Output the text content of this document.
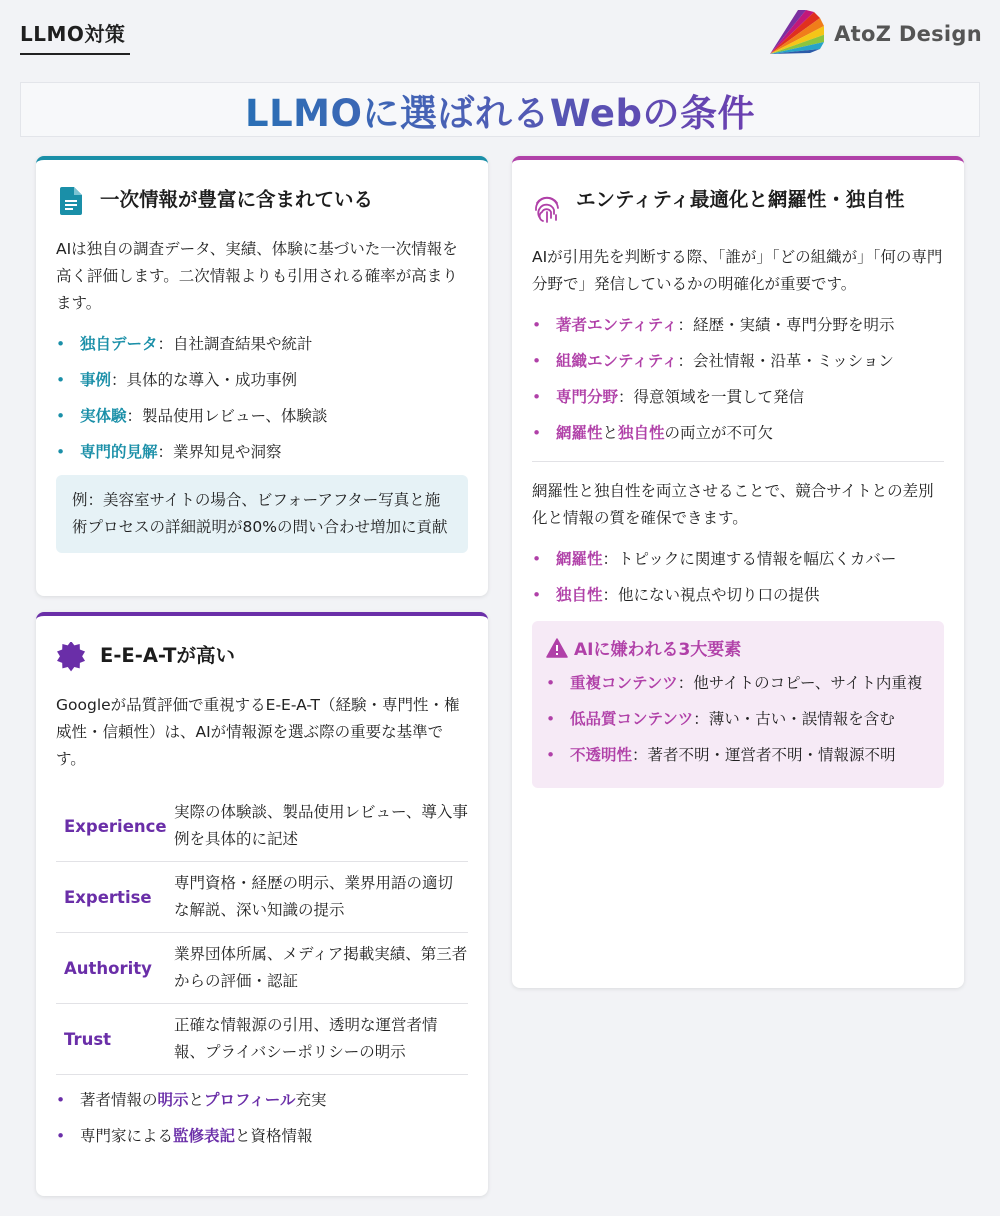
LLMO対策	AtoZ Design
LLMOに選ばれるWebの条件
一次情報が豊富に含まれている

AIは独自の調査データ、実績、体験に基づいた一次情報を高く評価します。二次情報よりも引用される確率が高まります。

• 独自データ：自社調査結果や統計
• 事例：具体的な導入・成功事例
• 実体験：製品使用レビュー、体験談
• 専門的見解：業界知見や洞察
例：美容室サイトの場合、ビフォーアフター写真と施術プロセスの詳細説明が80%の問い合わせ増加に貢献
E-E-A-Tが高い

Googleが品質評価で重視するE-E-A-T（経験・専門性・権威性・信頼性）は、AIが情報源を選ぶ際の重要な基準です。

Experience	実際の体験談、製品使用レビュー、導入事例を具体的に記述
Expertise	専門資格・経歴の明示、業界用語の適切な解説、深い知識の提示
Authority	業界団体所属、メディア掲載実績、第三者からの評価・認証
Trust	正確な情報源の引用、透明な運営者情報、プライバシーポリシーの明示
• 著者情報の明示とプロフィール充実
• 専門家による監修表記と資格情報
エンティティ最適化と網羅性・独自性

AIが引用先を判断する際、「誰が」「どの組織が」「何の専門分野で」発信しているかの明確化が重要です。

• 著者エンティティ：経歴・実績・専門分野を明示
• 組織エンティティ：会社情報・沿革・ミッション
• 専門分野：得意領域を一貫して発信
• 網羅性と独自性の両立が不可欠

網羅性と独自性を両立させることで、競合サイトとの差別化と情報の質を確保できます。

• 網羅性：トピックに関連する情報を幅広くカバー
• 独自性：他にない視点や切り口の提供
AIに嫌われる3大要素
• 重複コンテンツ：他サイトのコピー、サイト内重複
• 低品質コンテンツ：薄い・古い・誤情報を含む
• 不透明性：著者不明・運営者不明・情報源不明
